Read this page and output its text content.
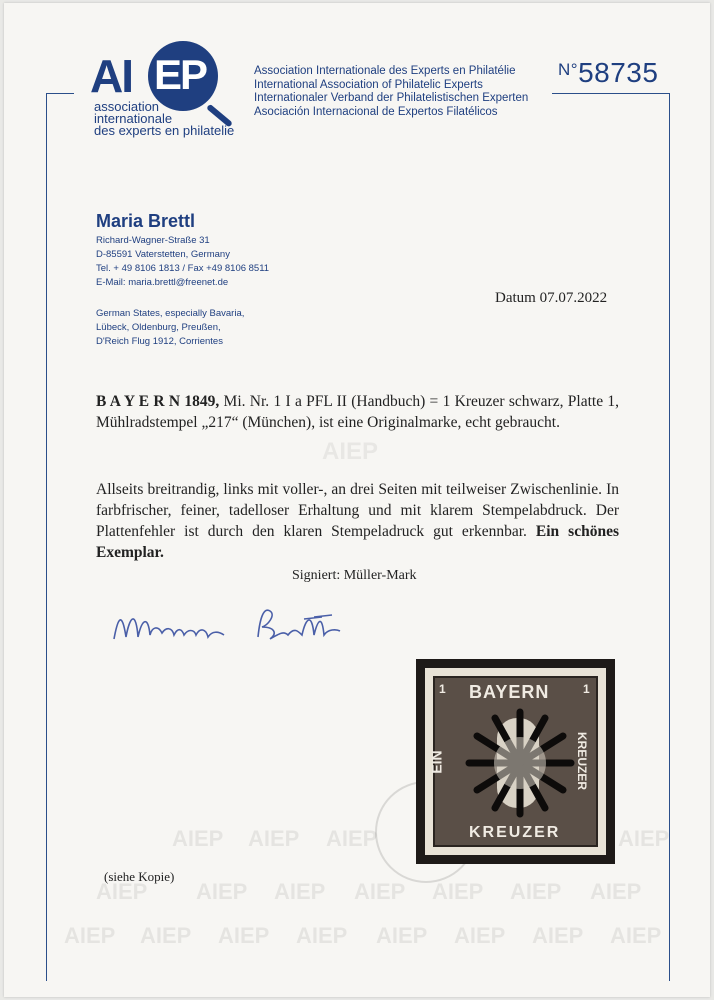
AI EP
association
internationale
des experts en philatelie
Association Internationale des Experts en Philatélie
International Association of Philatelic Experts
Internationaler Verband der Philatelistischen Experten
Asociación Internacional de Expertos Filatélicos
$^{N^\circ}$58735
Maria Brettl
Richard-Wagner-Straße 31
D-85591 Vaterstetten, Germany
Tel. + 49 8106 1813 / Fax +49 8106 8511
E-Mail: maria.brettl@freenet.de
German States, especially Bavaria,
Lübeck, Oldenburg, Preußen,
D'Reich Flug 1912, Corrientes
Datum 07.07.2022
AIEP
B A Y E R N 1849, Mi. Nr. 1 I a PFL II (Handbuch) = 1 Kreuzer schwarz, Platte 1, Mühlradstempel „217“ (München), ist eine Originalmarke, echt gebraucht.
Allseits breitrandig, links mit voller-, an drei Seiten mit teilweiser Zwischenlinie. In farbfrischer, feiner, tadelloser Erhaltung und mit klarem Stempelabdruck. Der Plattenfehler ist durch den klaren Stempeladruck gut erkennbar. Ein schönes Exemplar.
Signiert: Müller-Mark
AIEP AIEP AIEP	AIEP
AIEP AIEP AIEP AIEP AIEP AIEP AIEP
AIEP AIEP AIEP AIEP AIEP AIEP AIEP AIEP
1	1
BAYERN
EIN	KREUZER
KREUZER
(siehe Kopie)
